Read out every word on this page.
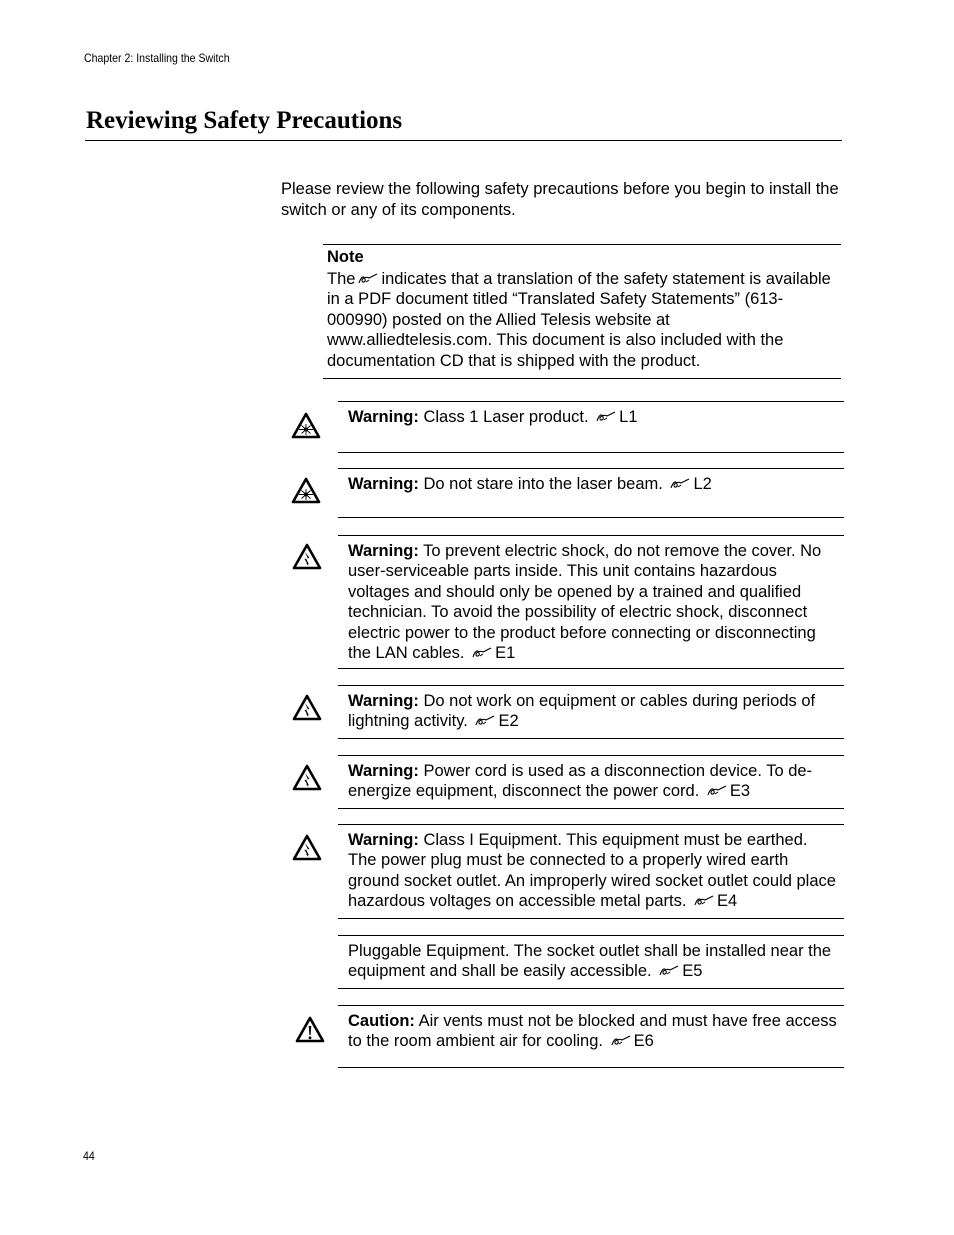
Chapter 2: Installing the Switch
Reviewing Safety Precautions

Please review the following safety precautions before you begin to install the switch or any of its components.

Note

The indicates that a translation of the safety statement is available in a PDF document titled “Translated Safety Statements” (613-000990) posted on the Allied Telesis website at www.alliedtelesis.com. This document is also included with the documentation CD that is shipped with the product.

Warning: Class 1 Laser product. L1

Warning: Do not stare into the laser beam. L2

Warning: To prevent electric shock, do not remove the cover. No user-serviceable parts inside. This unit contains hazardous voltages and should only be opened by a trained and qualified technician. To avoid the possibility of electric shock, disconnect electric power to the product before connecting or disconnecting the LAN cables. E1

Warning: Do not work on equipment or cables during periods of lightning activity. E2

Warning: Power cord is used as a disconnection device. To de-energize equipment, disconnect the power cord. E3

Warning: Class I Equipment. This equipment must be earthed. The power plug must be connected to a properly wired earth ground socket outlet. An improperly wired socket outlet could place hazardous voltages on accessible metal parts. E4

Pluggable Equipment. The socket outlet shall be installed near the equipment and shall be easily accessible. E5

Caution: Air vents must not be blocked and must have free access to the room ambient air for cooling. E6

44
